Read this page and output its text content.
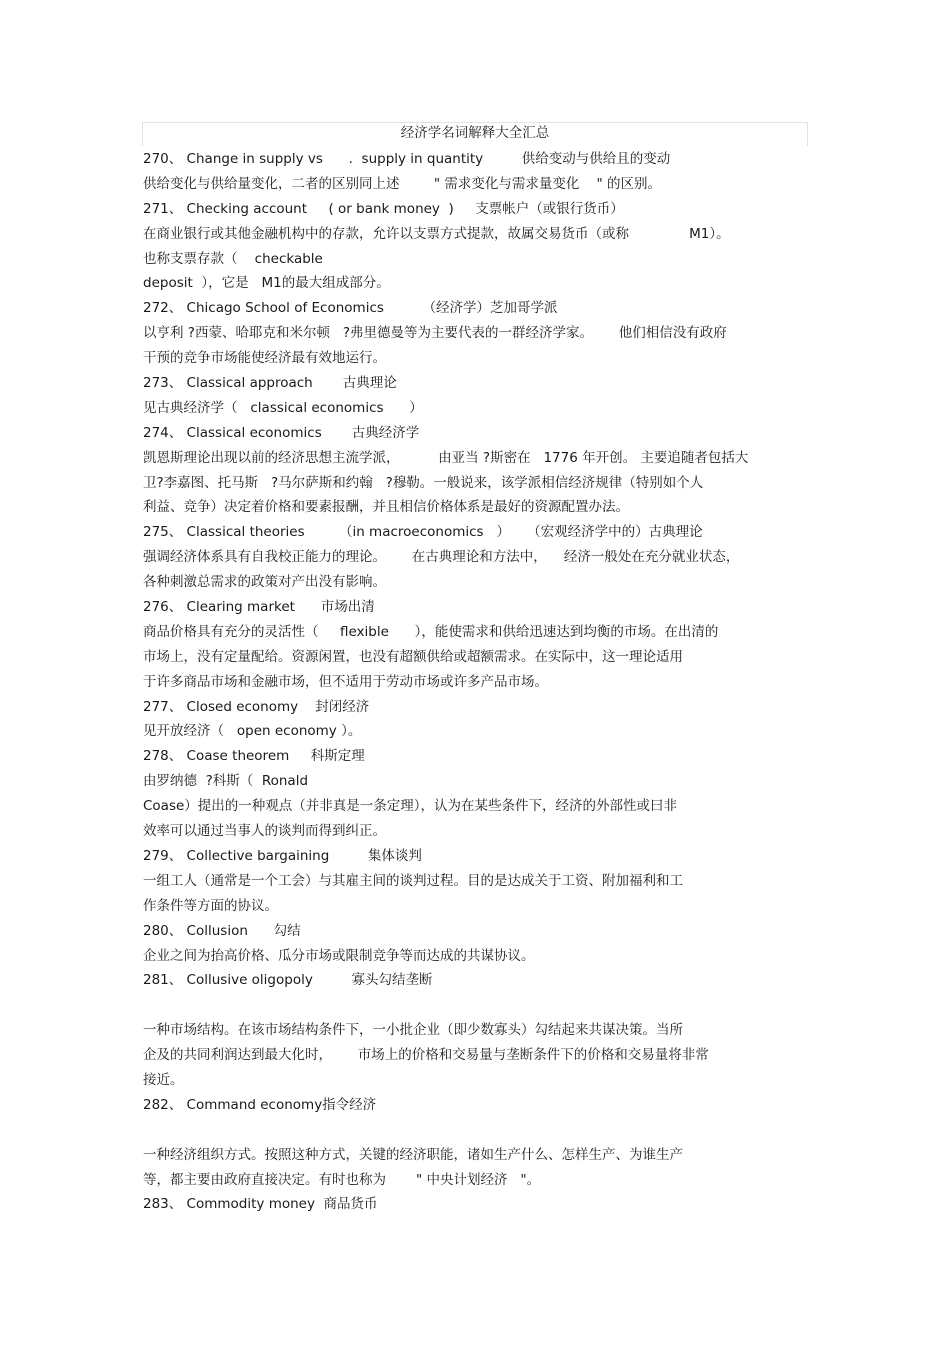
经济学名词解释大全汇总
270、 Change in supply vs      .  supply in quantity         供给变动与供给且的变动
供给变化与供给量变化，二者的区别同上述        " 需求变化与需求量变化    " 的区别。
271、 Checking account     ( or bank money  )     支票帐户（或银行货币）
在商业银行或其他金融机构中的存款，允许以支票方式提款，故属交易货币（或称              M1）。
也称支票存款（    checkable
deposit  ），它是   M1的最大组成部分。
272、 Chicago School of Economics         （经济学）芝加哥学派
以亨利 ?西蒙、哈耶克和米尔顿   ?弗里德曼等为主要代表的一群经济学家。      他们相信没有政府
干预的竞争市场能使经济最有效地运行。
273、 Classical approach       古典理论
见古典经济学（   classical economics      ）
274、 Classical economics       古典经济学
凯恩斯理论出现以前的经济思想主流学派，         由亚当 ?斯密在   1776 年开创。 主要追随者包括大
卫?李嘉图、托马斯   ?马尔萨斯和约翰   ?穆勒。一般说来，该学派相信经济规律（特别如个人
利益、竞争）决定着价格和要素报酬，并且相信价格体系是最好的资源配置办法。
275、 Classical theories        （in macroeconomics   ）    （宏观经济学中的）古典理论
强调经济体系具有自我校正能力的理论。      在古典理论和方法中，    经济一般处在充分就业状态，
各种刺激总需求的政策对产出没有影响。
276、 Clearing market      市场出清
商品价格具有充分的灵活性（     flexible      ），能使需求和供给迅速达到均衡的市场。在出清的
市场上，没有定量配给。资源闲置，也没有超额供给或超额需求。在实际中，这一理论适用
于许多商品市场和金融市场，但不适用于劳动市场或许多产品市场。
277、 Closed economy    封闭经济
见开放经济（   open economy ）。
278、 Coase theorem     科斯定理
由罗纳德  ?科斯（  Ronald
Coase）提出的一种观点（并非真是一条定理），认为在某些条件下，经济的外部性或曰非
效率可以通过当事人的谈判而得到纠正。
279、 Collective bargaining         集体谈判
一组工人（通常是一个工会）与其雇主间的谈判过程。目的是达成关于工资、附加福利和工
作条件等方面的协议。
280、 Collusion      勾结
企业之间为抬高价格、瓜分市场或限制竞争等而达成的共谋协议。
281、 Collusive oligopoly         寡头勾结垄断
一种市场结构。在该市场结构条件下，一小批企业（即少数寡头）勾结起来共谋决策。当所
企及的共同利润达到最大化时，      市场上的价格和交易量与垄断条件下的价格和交易量将非常
接近。
282、 Command economy指令经济
一种经济组织方式。按照这种方式，关键的经济职能，诸如生产什么、怎样生产、为谁生产
等，都主要由政府直接决定。有时也称为       " 中央计划经济   "。
283、 Commodity money  商品货币
